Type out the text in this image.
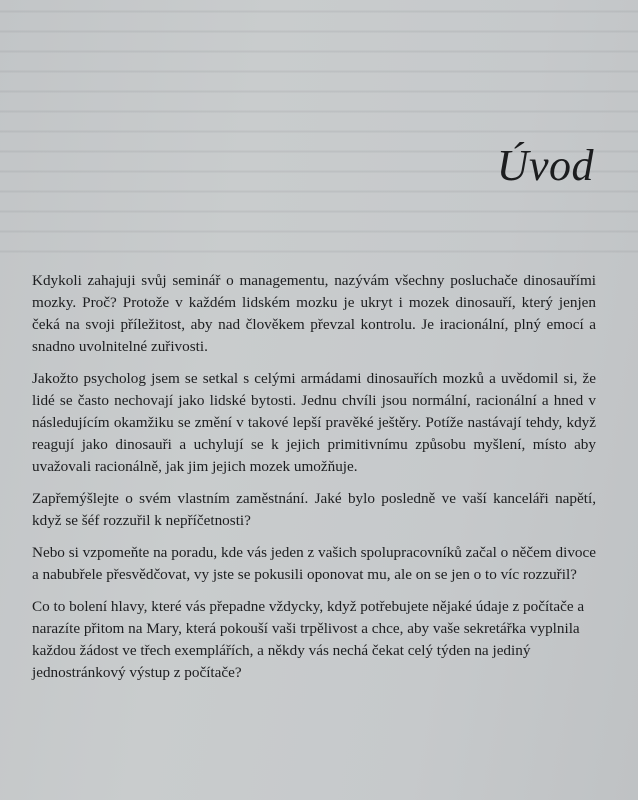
Úvod

Kdykoli zahajuji svůj seminář o managementu, nazývám všechny posluchače dinosauřími mozky. Proč? Protože v každém lidském mozku je ukryt i mozek dinosauří, který jenjen čeká na svoji příležitost, aby nad člověkem převzal kontrolu. Je iracionální, plný emocí a snadno uvolnitelné zuřivosti.

Jakožto psycholog jsem se setkal s celými armádami dinosauřích mozků a uvědomil si, že lidé se často nechovají jako lidské bytosti. Jednu chvíli jsou normální, racionální a hned v následujícím okamžiku se změní v takové lepší pravěké ještěry. Potíže nastávají tehdy, když reagují jako dinosauři a uchylují se k jejich primitivnímu způsobu myšlení, místo aby uvažovali racionálně, jak jim jejich mozek umožňuje.

Zapřemýšlejte o svém vlastním zaměstnání. Jaké bylo posledně ve vaší kanceláři napětí, když se šéf rozzuřil k nepříčetnosti?

Nebo si vzpomeňte na poradu, kde vás jeden z vašich spolupracovníků začal o něčem divoce a nabubřele přesvědčovat, vy jste se pokusili oponovat mu, ale on se jen o to víc rozzuřil?

Co to bolení hlavy, které vás přepadne vždycky, když potřebujete nějaké údaje z počítače a narazíte přitom na Mary, která pokouší vaši trpělivost a chce, aby vaše sekretářka vyplnila každou žádost ve třech exemplářích, a někdy vás nechá čekat celý týden na jediný jednostránkový výstup z počítače?
